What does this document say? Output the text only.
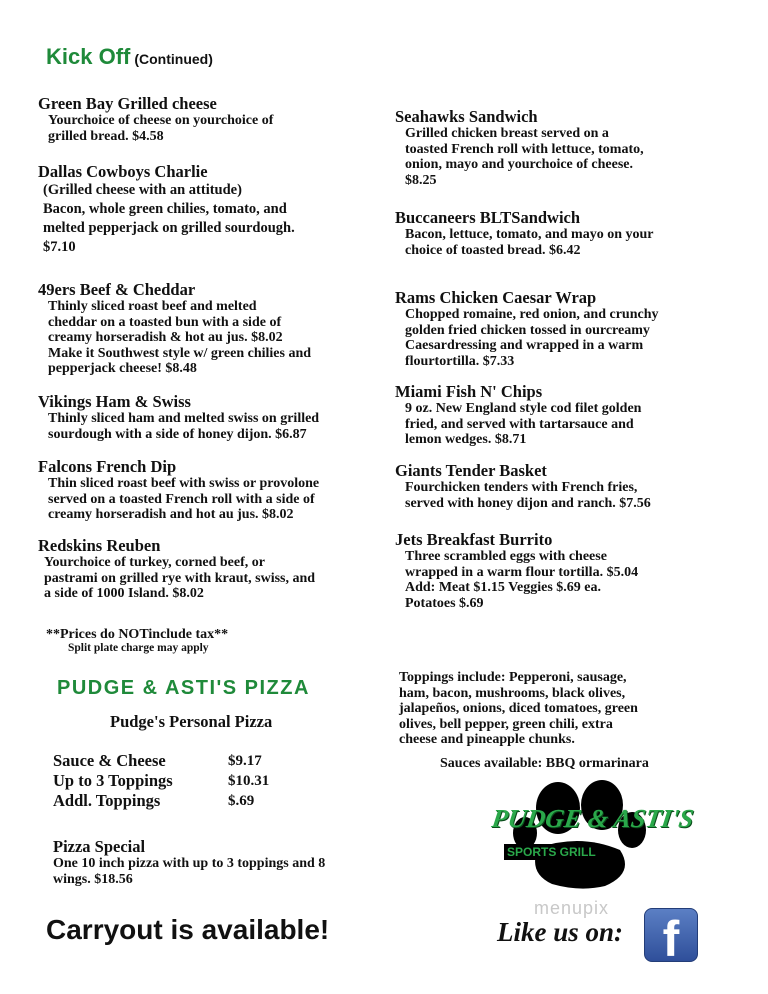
Kick Off (Continued)
Green Bay Grilled cheese
Yourchoice of cheese on yourchoice of
grilled bread. $4.58
Dallas Cowboys Charlie
(Grilled cheese with an attitude)
Bacon, whole green chilies, tomato, and
melted pepperjack on grilled sourdough.
$7.10
49ers Beef & Cheddar
Thinly sliced roast beef and melted
cheddar on a toasted bun with a side of
creamy horseradish & hot au jus. $8.02
Make it Southwest style w/ green chilies and
pepperjack cheese! $8.48
Vikings Ham & Swiss
Thinly sliced ham and melted swiss on grilled
sourdough with a side of honey dijon. $6.87
Falcons French Dip
Thin sliced roast beef with swiss or provolone
served on a toasted French roll with a side of
creamy horseradish and hot au jus. $8.02
Redskins Reuben
Yourchoice of turkey, corned beef, or
pastrami on grilled rye with kraut, swiss, and
a side of 1000 Island. $8.02
Seahawks Sandwich
Grilled chicken breast served on a
toasted French roll with lettuce, tomato,
onion, mayo and yourchoice of cheese.
$8.25
Buccaneers BLTSandwich
Bacon, lettuce, tomato, and mayo on your
choice of toasted bread. $6.42
Rams Chicken Caesar Wrap
Chopped romaine, red onion, and crunchy
golden fried chicken tossed in ourcreamy
Caesardressing and wrapped in a warm
flourtortilla. $7.33
Miami Fish N' Chips
9 oz. New England style cod filet golden
fried, and served with tartarsauce and
lemon wedges. $8.71
Giants Tender Basket
Fourchicken tenders with French fries,
served with honey dijon and ranch. $7.56
Jets Breakfast Burrito
Three scrambled eggs with cheese
wrapped in a warm flour tortilla. $5.04
Add: Meat $1.15 Veggies $.69 ea.
Potatoes $.69
**Prices do NOTinclude tax**
Split plate charge may apply
PUDGE & ASTI'S PIZZA
Pudge's Personal Pizza
Sauce & Cheese	$9.17
Up to 3 Toppings	$10.31
Addl. Toppings	$.69
Pizza Special
One 10 inch pizza with up to 3 toppings and 8
wings. $18.56
Toppings include: Pepperoni, sausage,
ham, bacon, mushrooms, black olives,
jalapeños, onions, diced tomatoes, green
olives, bell pepper, green chili, extra
cheese and pineapple chunks.
Sauces available: BBQ ormarinara
PUDGE & ASTI'S
SPORTS GRILL
menupix
Carryout is available!	Like us on: f
